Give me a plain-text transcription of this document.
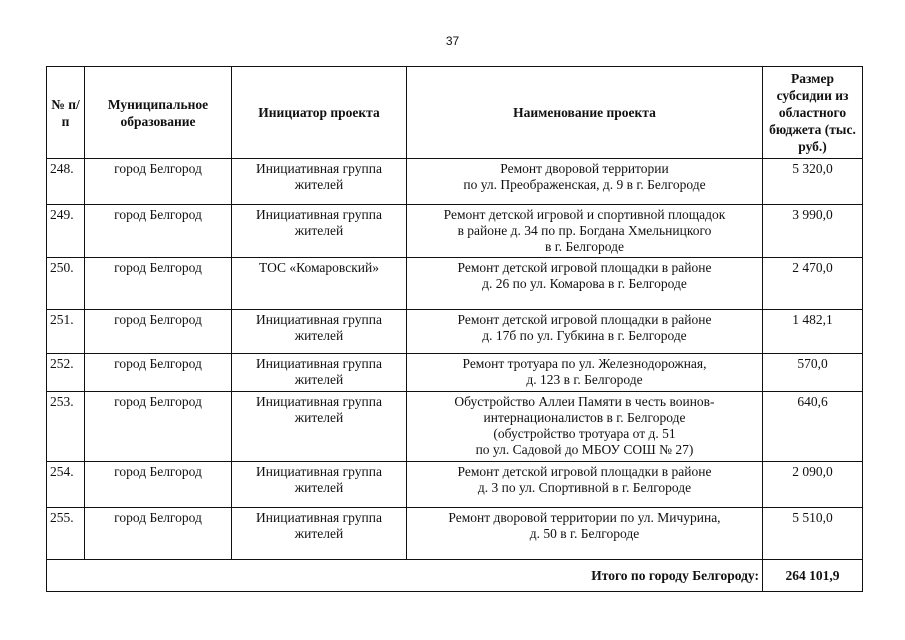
37
№ п/п	Муниципальное образование	Инициатор проекта	Наименование проекта	Размер субсидии из областного бюджета (тыс. руб.)
248.	город Белгород	Инициативная группа жителей	Ремонт дворовой территории
по ул. Преображенская, д. 9 в г. Белгороде	5 320,0
249.	город Белгород	Инициативная группа жителей	Ремонт детской игровой и спортивной площадок
в районе д. 34 по пр. Богдана Хмельницкого
в г. Белгороде	3 990,0
250.	город Белгород	ТОС «Комаровский»	Ремонт детской игровой площадки в районе
д. 26 по ул. Комарова в г. Белгороде	2 470,0
251.	город Белгород	Инициативная группа жителей	Ремонт детской игровой площадки в районе
д. 17б по ул. Губкина в г. Белгороде	1 482,1
252.	город Белгород	Инициативная группа жителей	Ремонт тротуара по ул. Железнодорожная,
д. 123 в г. Белгороде	570,0
253.	город Белгород	Инициативная группа жителей	Обустройство Аллеи Памяти в честь воинов-
интернационалистов в г. Белгороде
(обустройство тротуара от д. 51
по ул. Садовой до МБОУ СОШ № 27)	640,6
254.	город Белгород	Инициативная группа жителей	Ремонт детской игровой площадки в районе
д. 3 по ул. Спортивной в г. Белгороде	2 090,0
255.	город Белгород	Инициативная группа жителей	Ремонт дворовой территории по ул. Мичурина,
д. 50 в г. Белгороде	5 510,0
Итого по городу Белгороду:				264 101,9
